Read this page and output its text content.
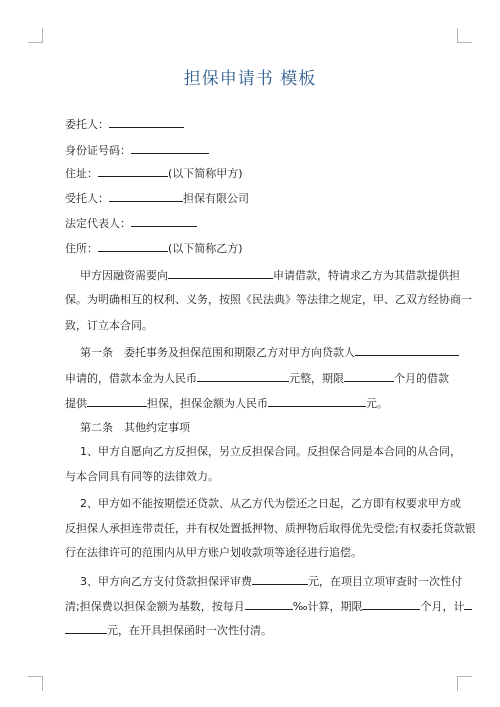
担保申请书 模板
委托人：
身份证号码：
住址：	(以下简称甲方)
受托人：	担保有限公司
法定代表人：
住所：	(以下简称乙方)
甲方因融资需要向	申请借款，特请求乙方为其借款提供担
保。为明确相互的权利、义务，按照《民法典》等法律之规定，甲、乙双方经协商一
致，订立本合同。
第一条　委托事务及担保范围和期限乙方对甲方向贷款人
申请的，借款本金为人民币	元整，期限	个月的借款
提供	担保，担保金额为人民币	元。
第二条　其他约定事项
1、甲方自愿向乙方反担保，另立反担保合同。反担保合同是本合同的从合同，
与本合同具有同等的法律效力。
2、甲方如不能按期偿还贷款、从乙方代为偿还之日起，乙方即有权要求甲方或
反担保人承担连带责任，并有权处置抵押物、质押物后取得优先受偿;有权委托贷款银
行在法律许可的范围内从甲方账户划收款项等途径进行追偿。
3、甲方向乙方支付贷款担保评审费	元，在项目立项审查时一次性付
清;担保费以担保金额为基数，按每月	‰计算，期限	个月，计
元，在开具担保函时一次性付清。
